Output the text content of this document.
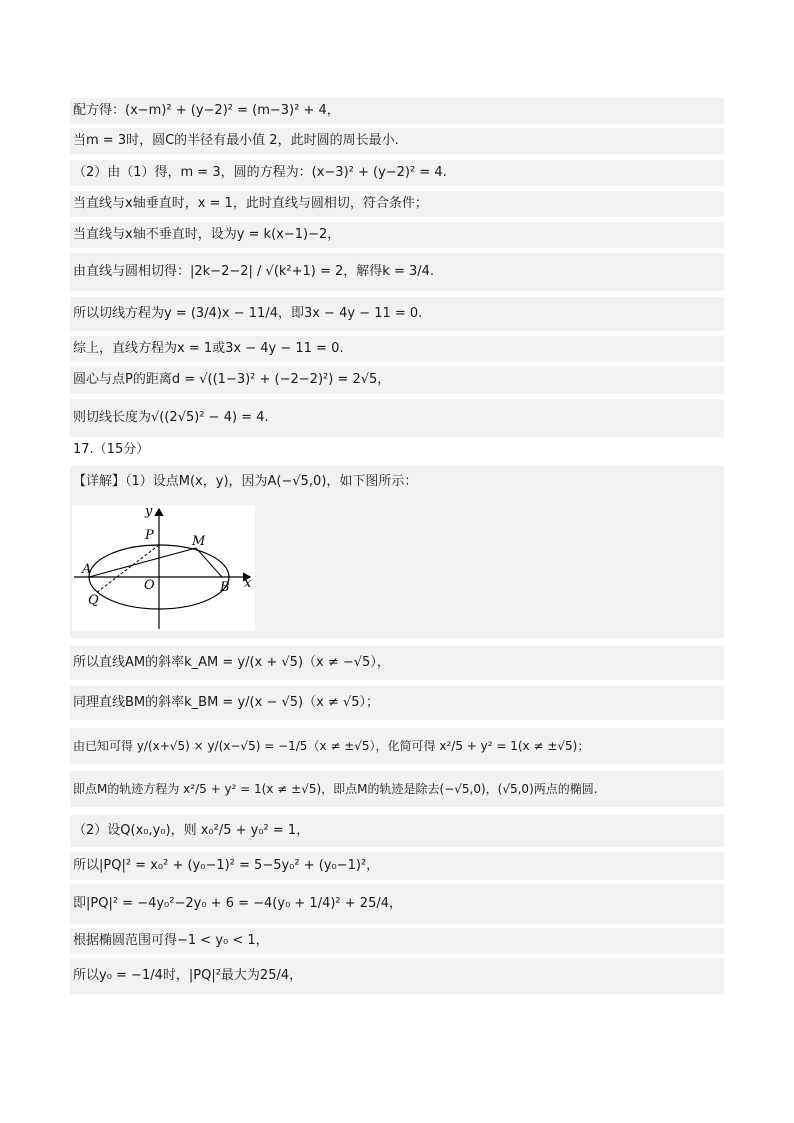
配方得：(x−m)² + (y−2)² = (m−3)² + 4，
当m = 3时，圆C的半径有最小值 2，此时圆的周长最小.
（2）由（1）得，m = 3，圆的方程为：(x−3)² + (y−2)² = 4.
当直线与x轴垂直时，x = 1，此时直线与圆相切，符合条件；
当直线与x轴不垂直时，设为y = k(x−1)−2，
由直线与圆相切得：|2k−2−2| / √(k²+1) = 2，解得k = 3/4.
所以切线方程为y = (3/4)x − 11/4，即3x − 4y − 11 = 0.
综上，直线方程为x = 1或3x − 4y − 11 = 0.
圆心与点P的距离d = √((1−3)² + (−2−2)²) = 2√5，
则切线长度为√((2√5)² − 4) = 4.
17.（15分）
【详解】（1）设点M(x，y)，因为A(−√5,0)，如下图所示：
y
x
P	M
A
O	B
Q
所以直线AM的斜率k_AM = y/(x + √5)（x ≠ −√5），
同理直线BM的斜率k_BM = y/(x − √5)（x ≠ √5）；
由已知可得 y/(x+√5) × y/(x−√5) = −1/5（x ≠ ±√5），化简可得 x²/5 + y² = 1(x ≠ ±√5)；
即点M的轨迹方程为 x²/5 + y² = 1(x ≠ ±√5)，即点M的轨迹是除去(−√5,0)，(√5,0)两点的椭圆.
（2）设Q(x₀,y₀)，则 x₀²/5 + y₀² = 1，
所以|PQ|² = x₀² + (y₀−1)² = 5−5y₀² + (y₀−1)²，
即|PQ|² = −4y₀²−2y₀ + 6 = −4(y₀ + 1/4)² + 25/4，
根据椭圆范围可得−1 < y₀ < 1，
所以y₀ = −1/4时，|PQ|²最大为25/4，
